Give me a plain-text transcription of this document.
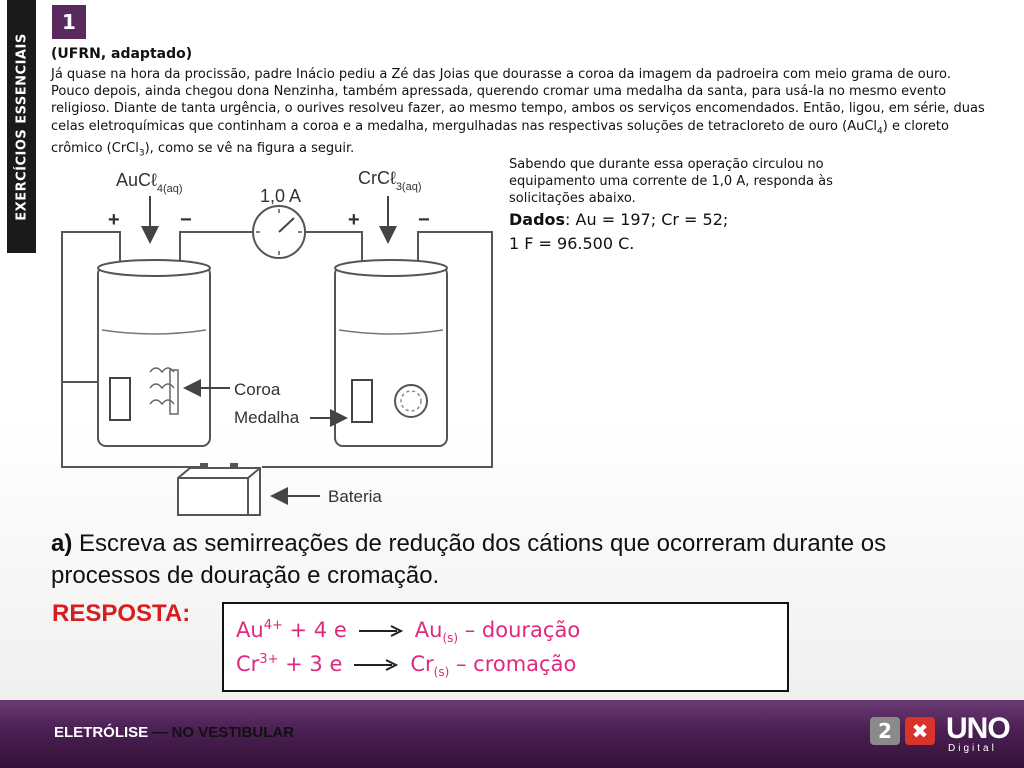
EXERCÍCIOS ESSENCIAIS
1
(UFRN, adaptado)
Já quase na hora da procissão, padre Inácio pediu a Zé das Joias que dourasse a coroa da imagem da padroeira com meio grama de ouro. Pouco depois, ainda chegou dona Nenzinha, também apressada, querendo cromar uma medalha da santa, para usá-la no mesmo evento religioso. Diante de tanta urgência, o ourives resolveu fazer, ao mesmo tempo, ambos os serviços encomendados. Então, ligou, em série, duas celas eletroquímicas que continham a coroa e a medalha, mergulhadas nas respectivas soluções de tetracloreto de ouro (AuCl$_4$) e cloreto crômico (CrCl$_3$), como se vê na figura a seguir.
Sabendo que durante essa operação circulou no equipamento uma corrente de 1,0 A, responda às solicitações abaixo.
Dados: Au = 197; Cr = 52;
1 F = 96.500 C.
AuCℓ$_{4(aq)}$
CrCℓ$_{3(aq)}$
+	−	+	−
1,0 A
Coroa
Medalha
Bateria
a) Escreva as semirreações de redução dos cátions que ocorreram durante os processos de douração e cromação.
RESPOSTA:
$Au^{4+} + 4$ e	$Au_{(s)}$ – douração
$Cr^{3+} + 3$ e	$Cr_{(s)}$ – cromação
ELETRÓLISE — NO VESTIBULAR	2 ✖ UNO
Digital
